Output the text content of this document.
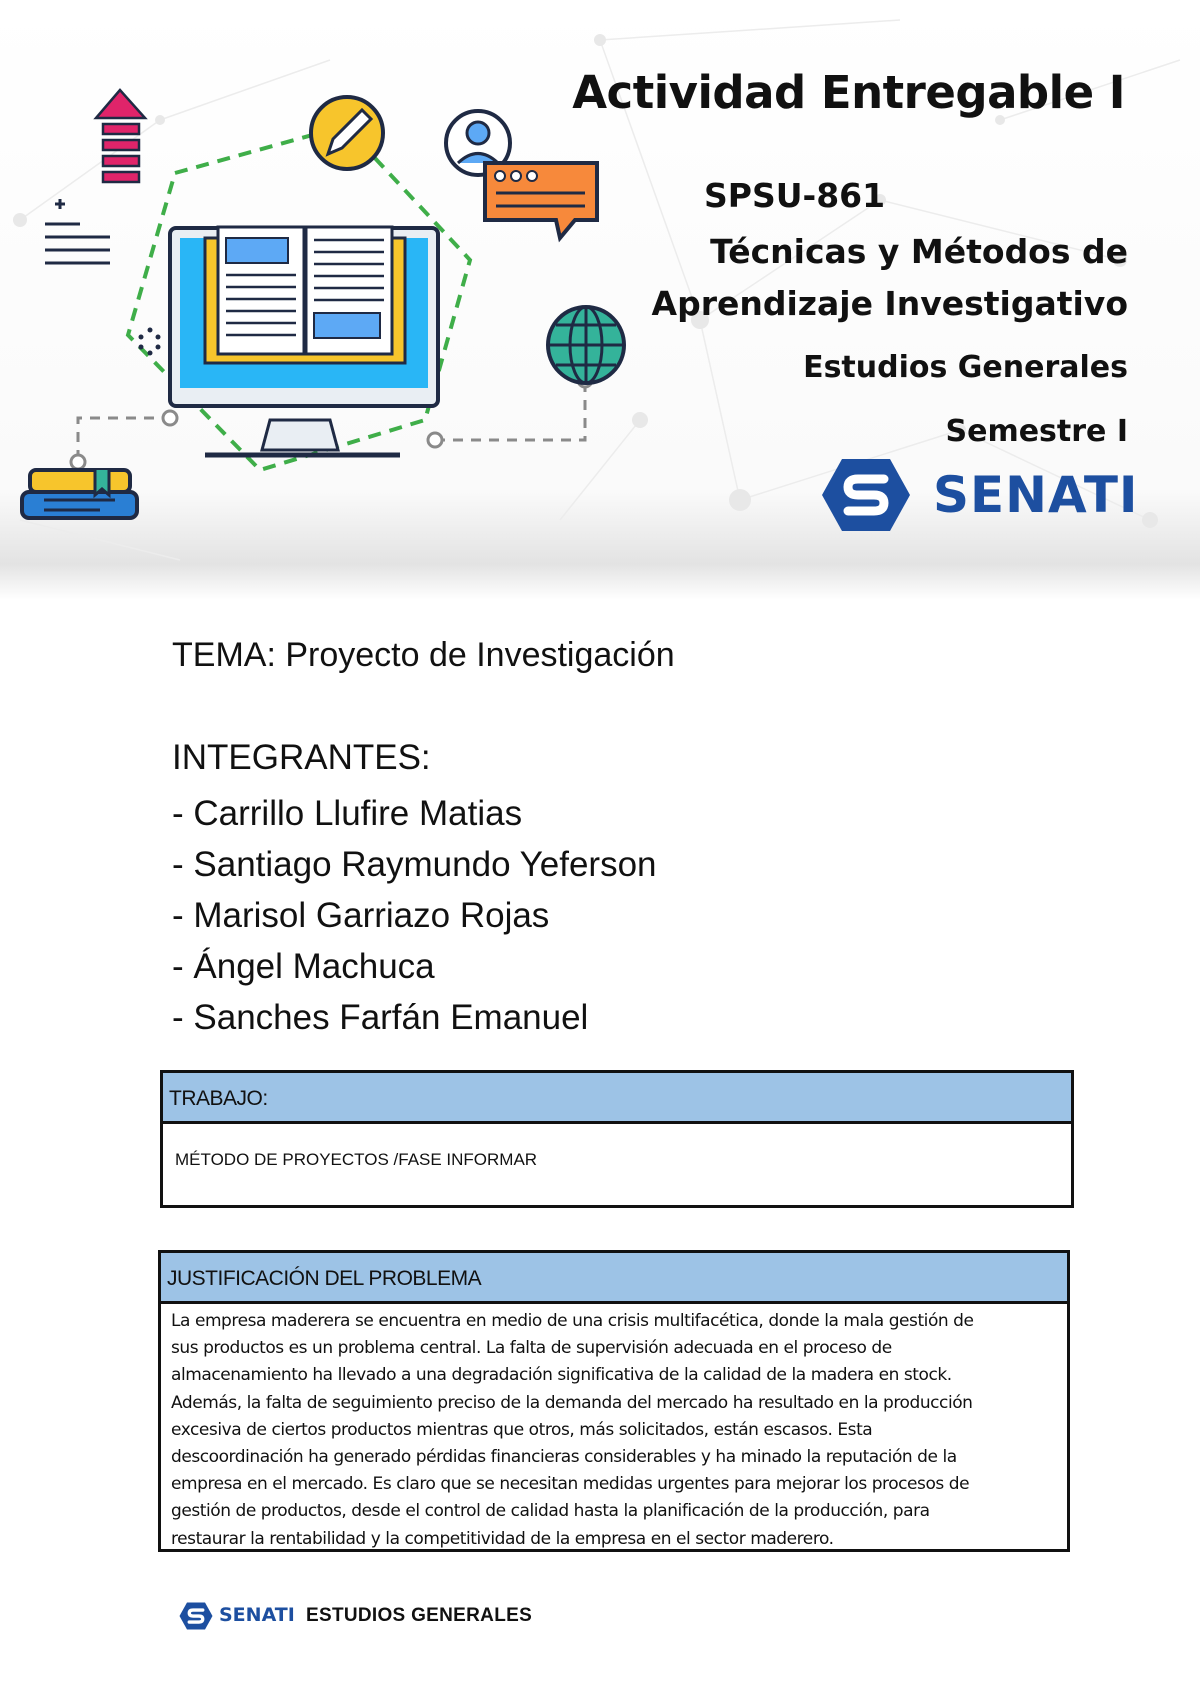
Actividad Entregable I
SPSU-861
Técnicas y Métodos de
Aprendizaje Investigativo
Estudios Generales
Semestre I
SENATI
TEMA: Proyecto de Investigación
INTEGRANTES:
- Carrillo Llufire Matias
- Santiago Raymundo Yeferson
- Marisol Garriazo Rojas
- Ángel Machuca
- Sanches Farfán Emanuel
TRABAJO:
MÉTODO DE PROYECTOS /FASE INFORMAR
JUSTIFICACIÓN DEL PROBLEMA
La empresa maderera se encuentra en medio de una crisis multifacética, donde la mala gestión de
sus productos es un problema central. La falta de supervisión adecuada en el proceso de
almacenamiento ha llevado a una degradación significativa de la calidad de la madera en stock.
Además, la falta de seguimiento preciso de la demanda del mercado ha resultado en la producción
excesiva de ciertos productos mientras que otros, más solicitados, están escasos. Esta
descoordinación ha generado pérdidas financieras considerables y ha minado la reputación de la
empresa en el mercado. Es claro que se necesitan medidas urgentes para mejorar los procesos de
gestión de productos, desde el control de calidad hasta la planificación de la producción, para
restaurar la rentabilidad y la competitividad de la empresa en el sector maderero.
SENATI ESTUDIOS GENERALES
